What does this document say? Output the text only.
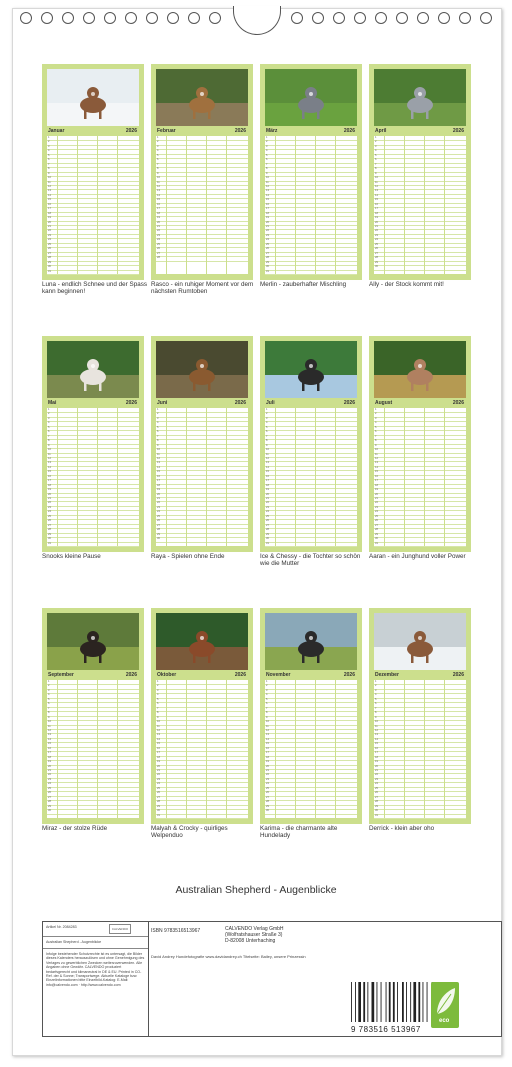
Januar	2026
1
2
3
4
5
6
7
8
9
10
11
12
13
14
15
16
17
18
19
20
21
22
23
24
25
26
27
28
29
30
31
Luna - endlich Schnee und der Spass kann beginnen!
Februar	2026
1
2
3
4
5
6
7
8
9
10
11
12
13
14
15
16
17
18
19
20
21
22
23
24
25
26
27
28
Rasco - ein ruhiger Moment vor dem nächsten Rumtoben
März	2026
1
2
3
4
5
6
7
8
9
10
11
12
13
14
15
16
17
18
19
20
21
22
23
24
25
26
27
28
29
30
31
Merlin - zauberhafter Mischling
April	2026
1
2
3
4
5
6
7
8
9
10
11
12
13
14
15
16
17
18
19
20
21
22
23
24
25
26
27
28
29
30
Ally - der Stock kommt mit!
Mai	2026
1
2
3
4
5
6
7
8
9
10
11
12
13
14
15
16
17
18
19
20
21
22
23
24
25
26
27
28
29
30
31
Snooks kleine Pause
Juni	2026
1
2
3
4
5
6
7
8
9
10
11
12
13
14
15
16
17
18
19
20
21
22
23
24
25
26
27
28
29
30
Raya - Spielen ohne Ende
Juli	2026
1
2
3
4
5
6
7
8
9
10
11
12
13
14
15
16
17
18
19
20
21
22
23
24
25
26
27
28
29
30
31
Ice & Chessy - die Tochter so schön wie die Mutter
August	2026
1
2
3
4
5
6
7
8
9
10
11
12
13
14
15
16
17
18
19
20
21
22
23
24
25
26
27
28
29
30
31
Aaran - ein Junghund voller Power
September	2026
1
2
3
4
5
6
7
8
9
10
11
12
13
14
15
16
17
18
19
20
21
22
23
24
25
26
27
28
29
30
Miraz - der stolze Rüde
Oktober	2026
1
2
3
4
5
6
7
8
9
10
11
12
13
14
15
16
17
18
19
20
21
22
23
24
25
26
27
28
29
30
31
Malyah & Crocky - quirliges Welpenduo
November	2026
1
2
3
4
5
6
7
8
9
10
11
12
13
14
15
16
17
18
19
20
21
22
23
24
25
26
27
28
29
30
Karima - die charmante alte Hundelady
Dezember	2026
1
2
3
4
5
6
7
8
9
10
11
12
13
14
15
16
17
18
19
20
21
22
23
24
25
26
27
28
29
30
31
Derrick - klein aber oho
Australian Shepherd - Augenblicke
Artikel Nr. 2084283	CALVENDO
Australian Shepherd - Augenblicke
Infolge bestehender Schutzrechte ist es untersagt, die Bilder dieses Kalenders herauszulösen und ohne Genehmigung des Verlages zu gewerblichen Zwecken weiterzuverwenden. Alle Angaben ohne Gewähr. CALVENDO produziert bedarfsgerecht und klimaneutral in DE & EU. Printed in CO-Ref. der & Sonne; Transportwege. Aktuelle Kataloge bzw. Einzelinformationen bitte Einzelbild-Katalog: E-Mail: info@calvendo.com · http://www.calvendo.com
ISBN 9783516513967	CALVENDO Verlag GmbH
(Wolfratshauser Straße 3)
D-82008 Unterhaching
David Andrey Hundefotografie www.davidandrey.ch Titelseite: Bailey, unsere Prinzessin
9 783516 513967
eco
